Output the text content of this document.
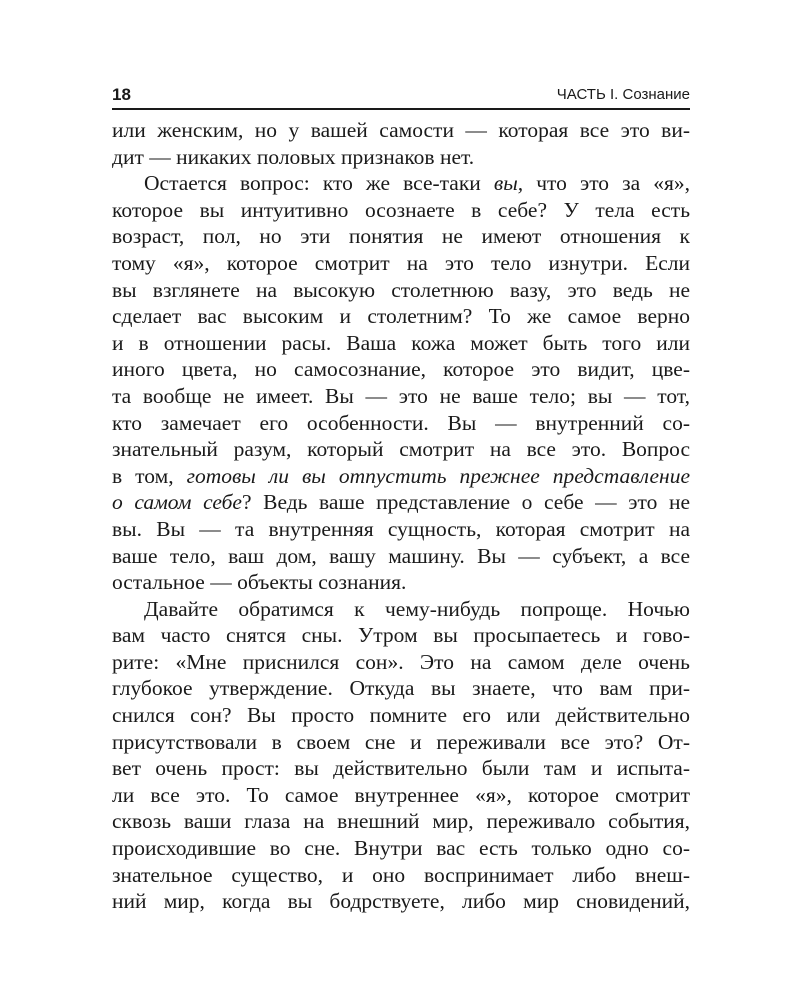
18	ЧАСТЬ I. Сознание
или женским, но у вашей самости — которая все это ви-
дит — никаких половых признаков нет.
Остается вопрос: кто же все-таки вы, что это за «я»,
которое вы интуитивно осознаете в себе? У тела есть
возраст, пол, но эти понятия не имеют отношения к
тому «я», которое смотрит на это тело изнутри. Если
вы взглянете на высокую столетнюю вазу, это ведь не
сделает вас высоким и столетним? То же самое верно
и в отношении расы. Ваша кожа может быть того или
иного цвета, но самосознание, которое это видит, цве-
та вообще не имеет. Вы — это не ваше тело; вы — тот,
кто замечает его особенности. Вы — внутренний со-
знательный разум, который смотрит на все это. Вопрос
в том, готовы ли вы отпустить прежнее представление
о самом себе? Ведь ваше представление о себе — это не
вы. Вы — та внутренняя сущность, которая смотрит на
ваше тело, ваш дом, вашу машину. Вы — субъект, а все
остальное — объекты сознания.
Давайте обратимся к чему-нибудь попроще. Ночью
вам часто снятся сны. Утром вы просыпаетесь и гово-
рите: «Мне приснился сон». Это на самом деле очень
глубокое утверждение. Откуда вы знаете, что вам при-
снился сон? Вы просто помните его или действительно
присутствовали в своем сне и переживали все это? От-
вет очень прост: вы действительно были там и испыта-
ли все это. То самое внутреннее «я», которое смотрит
сквозь ваши глаза на внешний мир, переживало события,
происходившие во сне. Внутри вас есть только одно со-
знательное существо, и оно воспринимает либо внеш-
ний мир, когда вы бодрствуете, либо мир сновидений,
